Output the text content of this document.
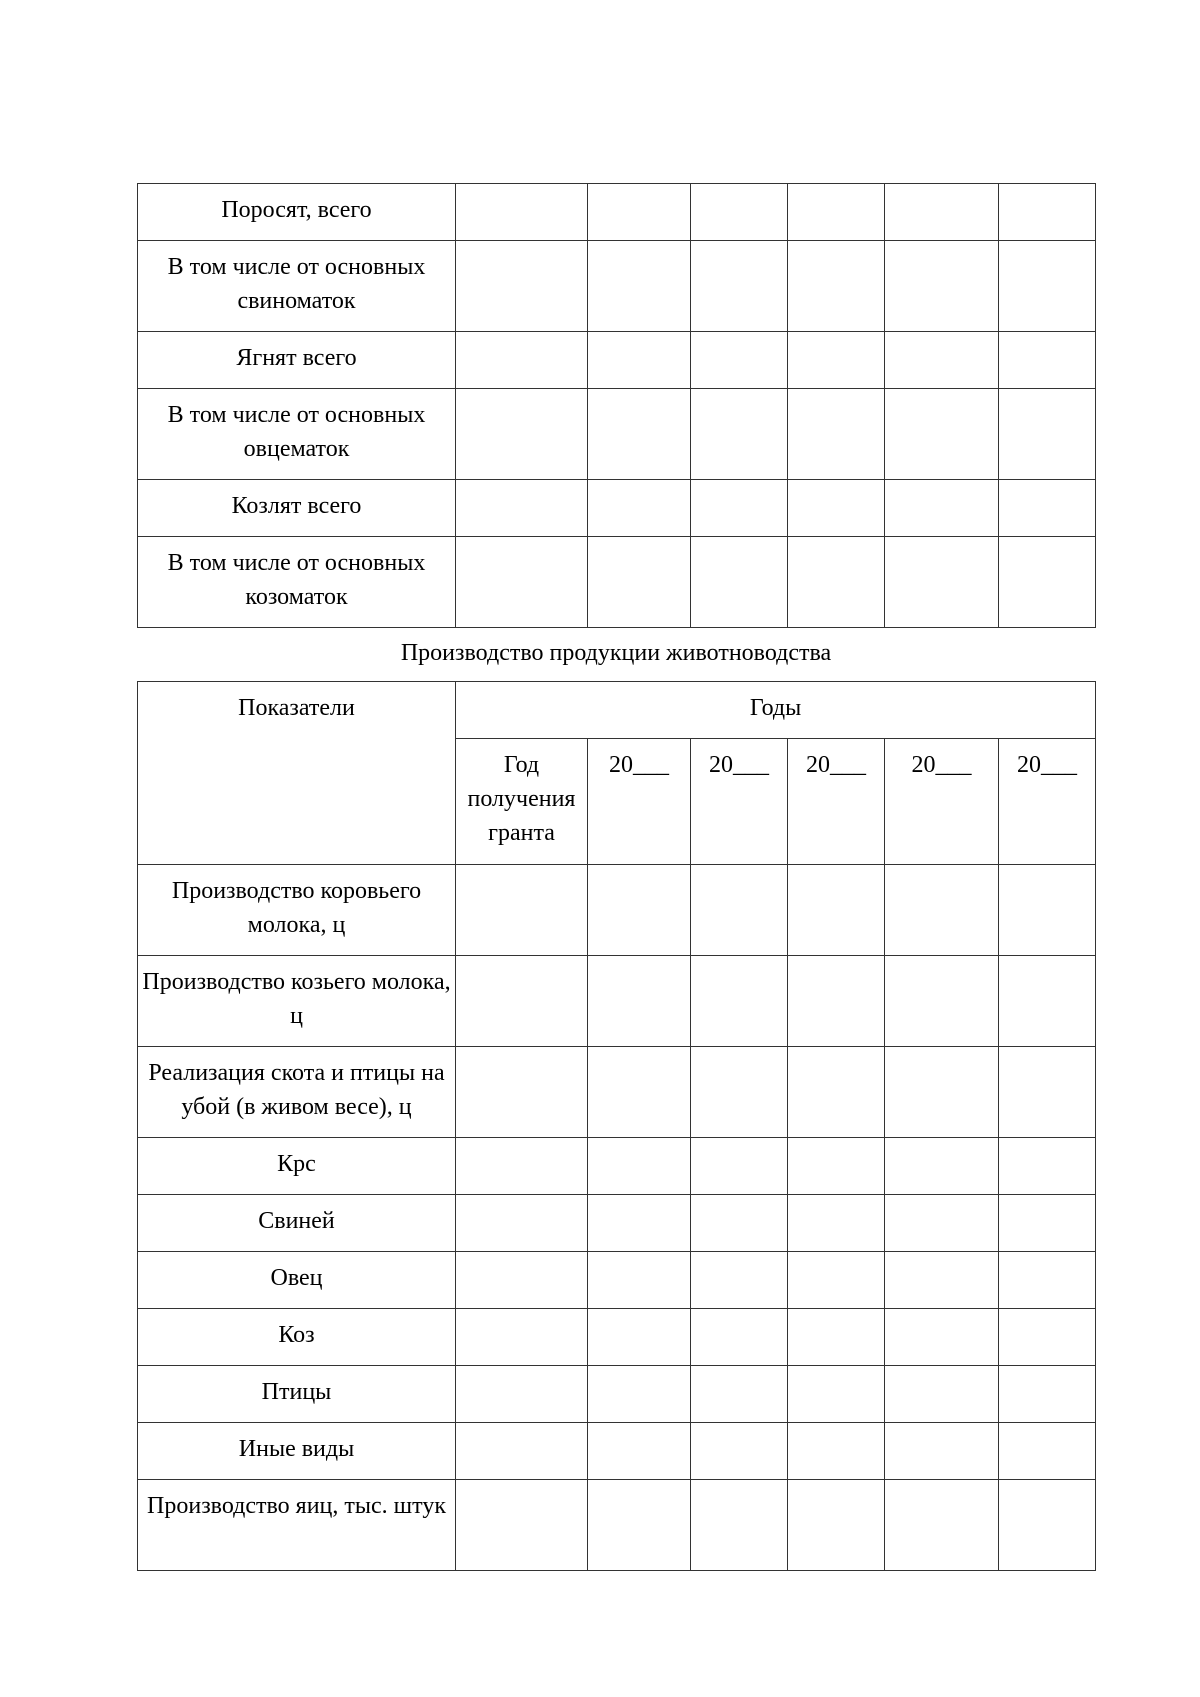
Поросят, всего						
В том числе от основных свиноматок						
Ягнят всего						
В том числе от основных овцематок						
Козлят всего						
В том числе от основных козоматок						
Производство продукции животноводства
Показатели	Годы					
	Год получения гранта	20___	20___	20___	20___	20___
Производство коровьего молока, ц						
Производство козьего молока, ц						
Реализация скота и птицы на убой (в живом весе), ц						
Крс						
Свиней						
Овец						
Коз						
Птицы						
Иные виды						
Производство яиц, тыс. штук						
